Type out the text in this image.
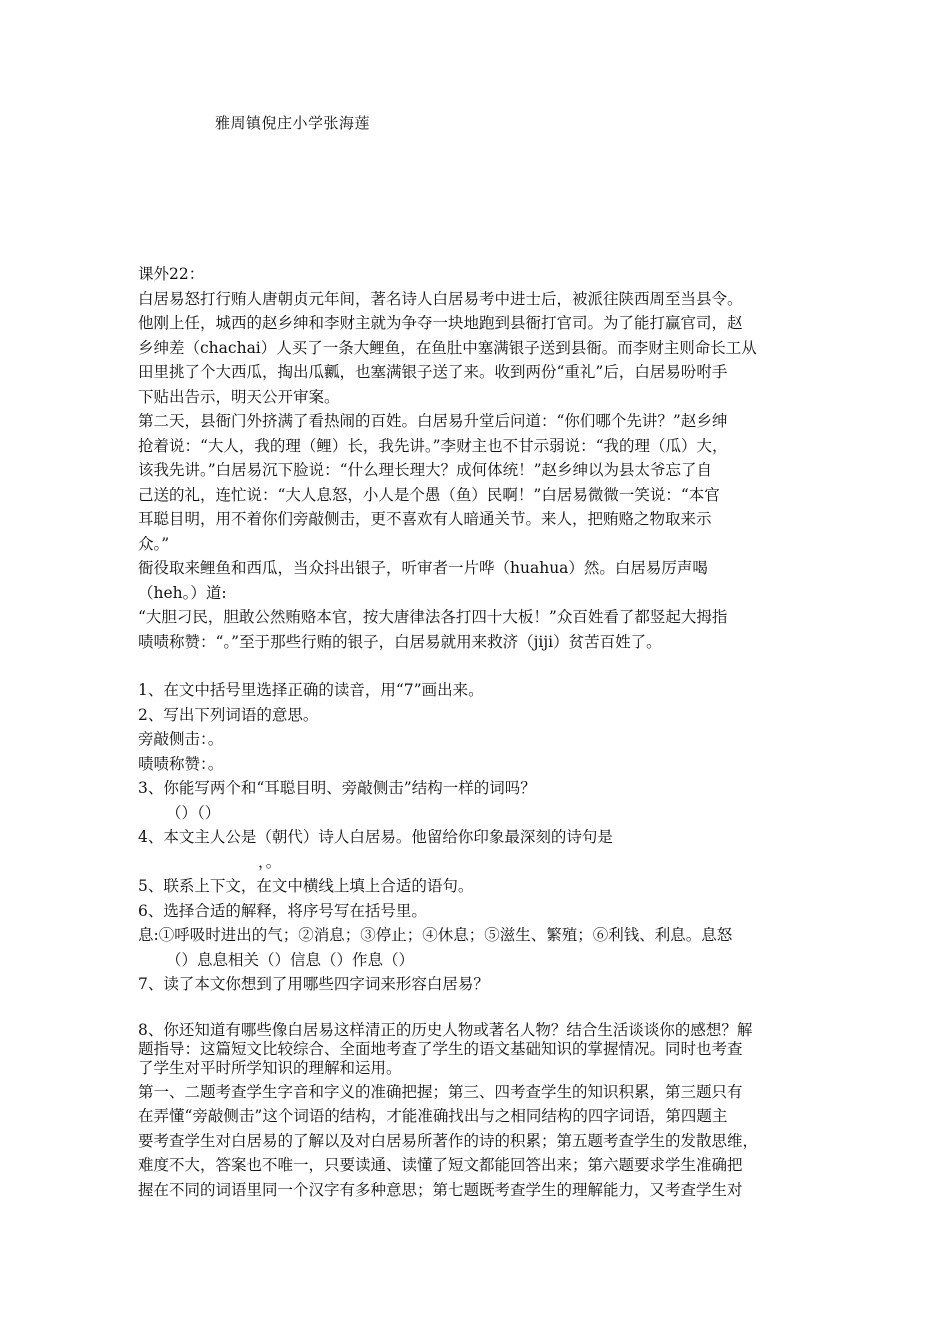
雅周镇倪庄小学张海莲
课外22：
白居易怒打行贿人唐朝贞元年间，著名诗人白居易考中进士后，被派往陕西周至当县令。
他刚上任，城西的赵乡绅和李财主就为争夺一块地跑到县衙打官司。为了能打赢官司，赵
乡绅差（chachai）人买了一条大鲤鱼，在鱼肚中塞满银子送到县衙。而李财主则命长工从
田里挑了个大西瓜，掏出瓜瓤，也塞满银子送了来。收到两份“重礼”后，白居易吩咐手
下贴出告示，明天公开审案。
第二天，县衙门外挤满了看热闹的百姓。白居易升堂后问道：“你们哪个先讲？”赵乡绅
抢着说：“大人，我的理（鲤）长，我先讲。”李财主也不甘示弱说：“我的理（瓜）大，
该我先讲。”白居易沉下脸说：“什么理长理大？成何体统！”赵乡绅以为县太爷忘了自
己送的礼，连忙说：“大人息怒，小人是个愚（鱼）民啊！”白居易微微一笑说：“本官
耳聪目明，用不着你们旁敲侧击，更不喜欢有人暗通关节。来人，把贿赂之物取来示
众。”
衙役取来鲤鱼和西瓜，当众抖出银子，听审者一片哗（huahua）然。白居易厉声喝
（heh。）道:
“大胆刁民，胆敢公然贿赂本官，按大唐律法各打四十大板！”众百姓看了都竖起大拇指
啧啧称赞：“。”至于那些行贿的银子，白居易就用来救济（jiji）贫苦百姓了。
1、在文中括号里选择正确的读音，用“7”画出来。
2、写出下列词语的意思。
旁敲侧击：。
啧啧称赞：。
3、你能写两个和“耳聪目明、旁敲侧击”结构一样的词吗？
（）（）
4、本文主人公是（朝代）诗人白居易。他留给你印象最深刻的诗句是
，。
5、联系上下文，在文中横线上填上合适的语句。
6、选择合适的解释，将序号写在括号里。
息:①呼吸时进出的气；②消息；③停止；④休息；⑤滋生、繁殖；⑥利钱、利息。息怒
（）息息相关（）信息（）作息（）
7、读了本文你想到了用哪些四字词来形容白居易？
8、你还知道有哪些像白居易这样清正的历史人物或著名人物？结合生活谈谈你的感想？解
题指导：这篇短文比较综合、全面地考查了学生的语文基础知识的掌握情况。同时也考查
了学生对平时所学知识的理解和运用。
第一、二题考查学生字音和字义的准确把握；第三、四考查学生的知识积累，第三题只有
在弄懂“旁敲侧击”这个词语的结构，才能准确找出与之相同结构的四字词语，第四题主
要考查学生对白居易的了解以及对白居易所著作的诗的积累；第五题考查学生的发散思维，
难度不大，答案也不唯一，只要读通、读懂了短文都能回答出来；第六题要求学生准确把
握在不同的词语里同一个汉字有多种意思；第七题既考查学生的理解能力，又考查学生对
